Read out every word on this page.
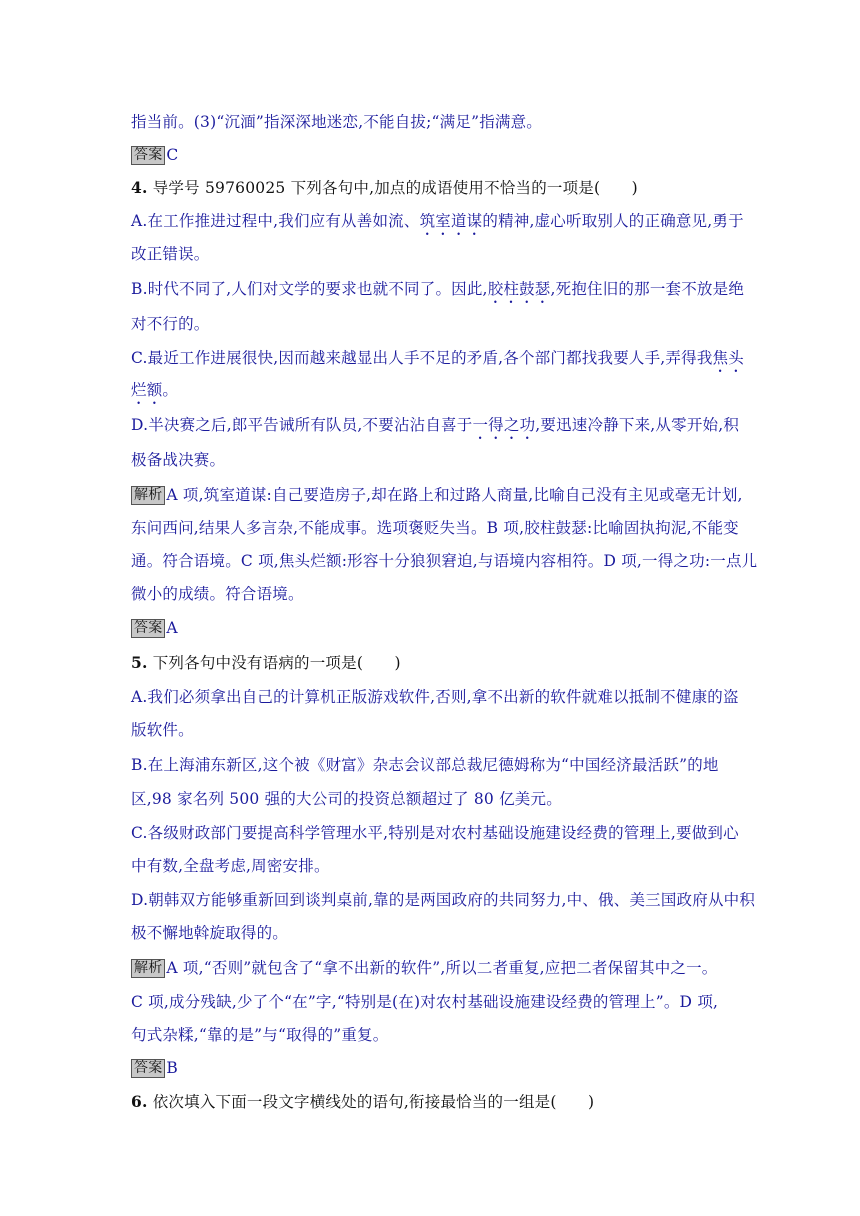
指当前。(3)“沉湎”指深深地迷恋,不能自拔;“满足”指满意。

答案 C

4. 导学号 59760025 下列各句中,加点的成语使用不恰当的一项是(　　)

A.在工作推进过程中,我们应有从善如流、筑室道谋的精神,虚心听取别人的正确意见,勇于

改正错误。

B.时代不同了,人们对文学的要求也就不同了。因此,胶柱鼓瑟,死抱住旧的那一套不放是绝

对不行的。

C.最近工作进展很快,因而越来越显出人手不足的矛盾,各个部门都找我要人手,弄得我焦头

烂额。

D.半决赛之后,郎平告诫所有队员,不要沾沾自喜于一得之功,要迅速冷静下来,从零开始,积

极备战决赛。

解析 A 项,筑室道谋:自己要造房子,却在路上和过路人商量,比喻自己没有主见或毫无计划,

东问西问,结果人多言杂,不能成事。选项褒贬失当。B 项,胶柱鼓瑟:比喻固执拘泥,不能变

通。符合语境。C 项,焦头烂额:形容十分狼狈窘迫,与语境内容相符。D 项,一得之功:一点儿

微小的成绩。符合语境。

答案 A

5. 下列各句中没有语病的一项是(　　)

A.我们必须拿出自己的计算机正版游戏软件,否则,拿不出新的软件就难以抵制不健康的盗

版软件。

B.在上海浦东新区,这个被《财富》杂志会议部总裁尼德姆称为“中国经济最活跃”的地

区,98 家名列 500 强的大公司的投资总额超过了 80 亿美元。

C.各级财政部门要提高科学管理水平,特别是对农村基础设施建设经费的管理上,要做到心

中有数,全盘考虑,周密安排。

D.朝韩双方能够重新回到谈判桌前,靠的是两国政府的共同努力,中、俄、美三国政府从中积

极不懈地斡旋取得的。

解析 A 项,“否则”就包含了“拿不出新的软件”,所以二者重复,应把二者保留其中之一。

C 项,成分残缺,少了个“在”字,“特别是(在)对农村基础设施建设经费的管理上”。D 项,

句式杂糅,“靠的是”与“取得的”重复。

答案 B

6. 依次填入下面一段文字横线处的语句,衔接最恰当的一组是(　　)
